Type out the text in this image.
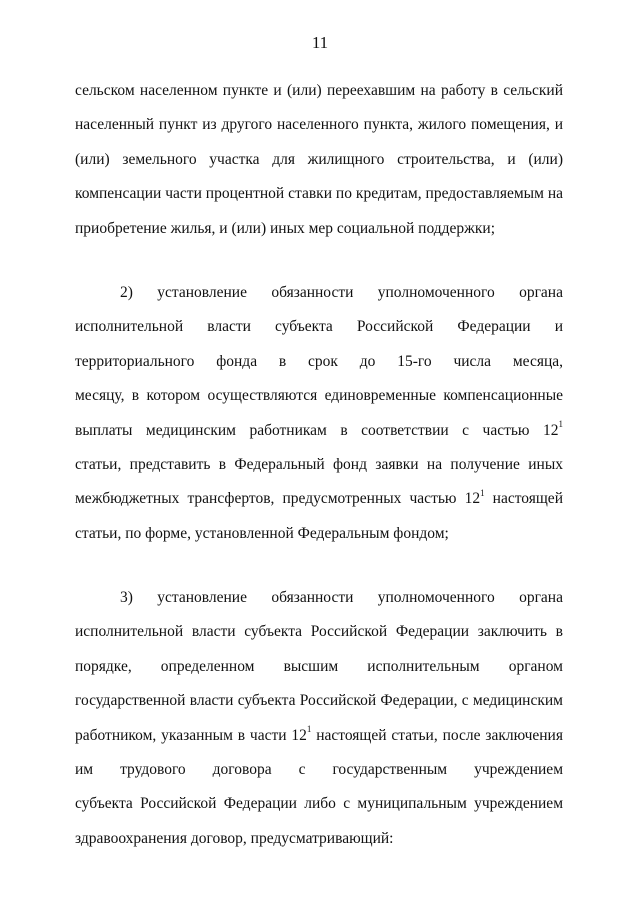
11
сельском населенном пункте и (или) переехавшим на работу в сельский
населенный пункт из другого населенного пункта, жилого помещения, и
(или) земельного участка для жилищного строительства, и (или)
компенсации части процентной ставки по кредитам, предоставляемым на
приобретение жилья, и (или) иных мер социальной поддержки;
2) установление обязанности уполномоченного органа
исполнительной власти субъекта Российской Федерации и
территориального фонда в срок до 15-го числа месяца,
месяцу, в котором осуществляются единовременные компенсационные
выплаты медицинским работникам в соответствии с частью $12^1$
статьи, представить в Федеральный фонд заявки на получение иных
межбюджетных трансфертов, предусмотренных частью $12^1$ настоящей
статьи, по форме, установленной Федеральным фондом;
3) установление обязанности уполномоченного органа
исполнительной власти субъекта Российской Федерации заключить в
порядке, определенном высшим исполнительным органом
государственной власти субъекта Российской Федерации, с медицинским
работником, указанным в части $12^1$ настоящей статьи, после заключения
им трудового договора с государственным учреждением
субъекта Российской Федерации либо с муниципальным учреждением
здравоохранения договор, предусматривающий:
